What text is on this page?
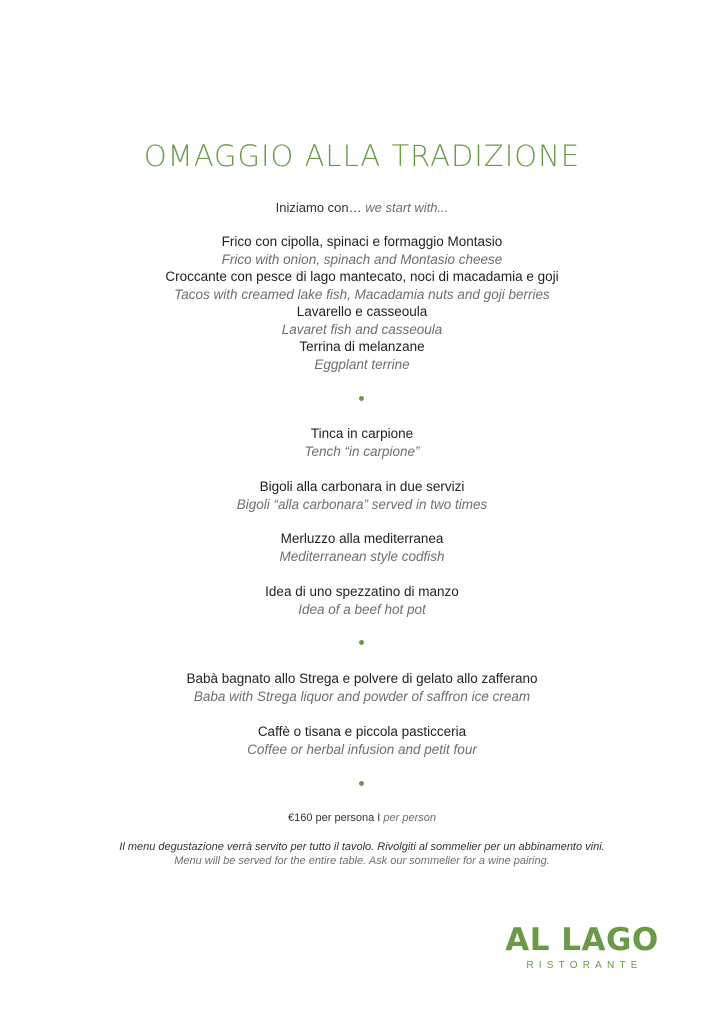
OMAGGIO ALLA TRADIZIONE
Iniziamo con… we start with...
Frico con cipolla, spinaci e formaggio Montasio
Frico with onion, spinach and Montasio cheese
Croccante con pesce di lago mantecato, noci di macadamia e goji
Tacos with creamed lake fish, Macadamia nuts and goji berries
Lavarello e casseoula
Lavaret fish and casseoula
Terrina di melanzane
Eggplant terrine
Tinca in carpione
Tench “in carpione”
Bigoli alla carbonara in due servizi
Bigoli “alla carbonara” served in two times
Merluzzo alla mediterranea
Mediterranean style codfish
Idea di uno spezzatino di manzo
Idea of a beef hot pot
Babà bagnato allo Strega e polvere di gelato allo zafferano
Baba with Strega liquor and powder of saffron ice cream
Caffè o tisana e piccola pasticceria
Coffee or herbal infusion and petit four
€160 per persona I per person
Il menu degustazione verrà servito per tutto il tavolo. Rivolgiti al sommelier per un abbinamento vini.
Menu will be served for the entire table. Ask our sommelier for a wine pairing.
AL LAGO
RISTORANTE
